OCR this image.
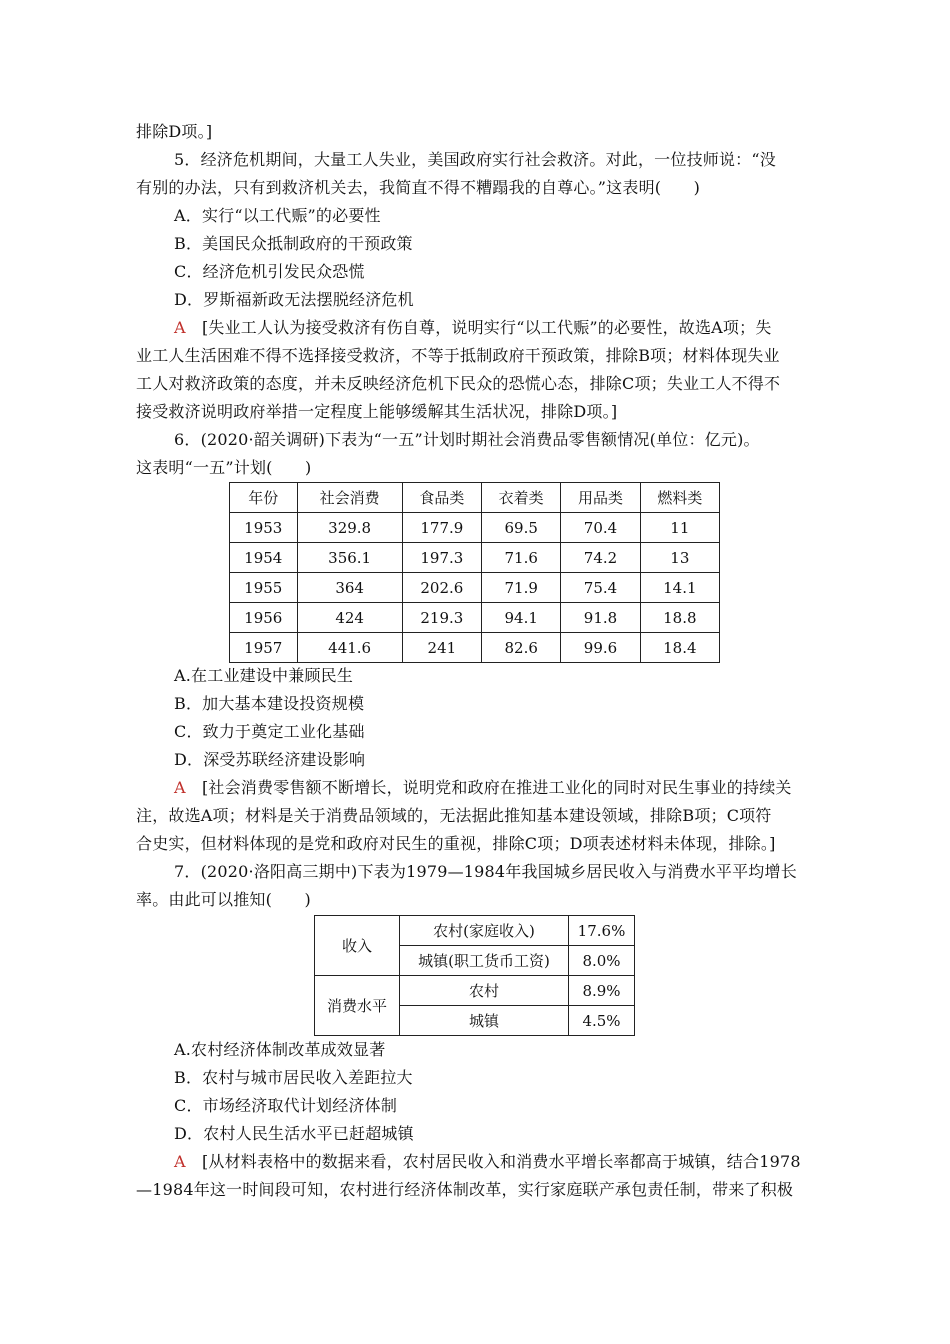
排除D项。]
5．经济危机期间，大量工人失业，美国政府实行社会救济。对此，一位技师说：“没
有别的办法，只有到救济机关去，我简直不得不糟蹋我的自尊心。”这表明(　　)
A．实行“以工代赈”的必要性
B．美国民众抵制政府的干预政策
C．经济危机引发民众恐慌
D．罗斯福新政无法摆脱经济危机
A　 [失业工人认为接受救济有伤自尊，说明实行“以工代赈”的必要性，故选A项；失
业工人生活困难不得不选择接受救济，不等于抵制政府干预政策，排除B项；材料体现失业
工人对救济政策的态度，并未反映经济危机下民众的恐慌心态，排除C项；失业工人不得不
接受救济说明政府举措一定程度上能够缓解其生活状况，排除D项。]
6．(2020·韶关调研)下表为“一五”计划时期社会消费品零售额情况(单位：亿元)。
这表明“一五”计划(　　)
年份	社会消费	食品类	衣着类	用品类	燃料类
1953	329.8	177.9	69.5	70.4	11
1954	356.1	197.3	71.6	74.2	13
1955	364	202.6	71.9	75.4	14.1
1956	424	219.3	94.1	91.8	18.8
1957	441.6	241	82.6	99.6	18.4
A.在工业建设中兼顾民生
B．加大基本建设投资规模
C．致力于奠定工业化基础
D．深受苏联经济建设影响
A　 [社会消费零售额不断增长，说明党和政府在推进工业化的同时对民生事业的持续关
注，故选A项；材料是关于消费品领域的，无法据此推知基本建设领域，排除B项；C项符
合史实，但材料体现的是党和政府对民生的重视，排除C项；D项表述材料未体现，排除。]
7．(2020·洛阳高三期中)下表为1979—1984年我国城乡居民收入与消费水平平均增长
率。由此可以推知(　　)
收入	农村(家庭收入)	17.6%
	城镇(职工货币工资)	8.0%
消费水平	农村	8.9%
	城镇	4.5%
A.农村经济体制改革成效显著
B．农村与城市居民收入差距拉大
C．市场经济取代计划经济体制
D．农村人民生活水平已赶超城镇
A　 [从材料表格中的数据来看，农村居民收入和消费水平增长率都高于城镇，结合1978
—1984年这一时间段可知，农村进行经济体制改革，实行家庭联产承包责任制，带来了积极
